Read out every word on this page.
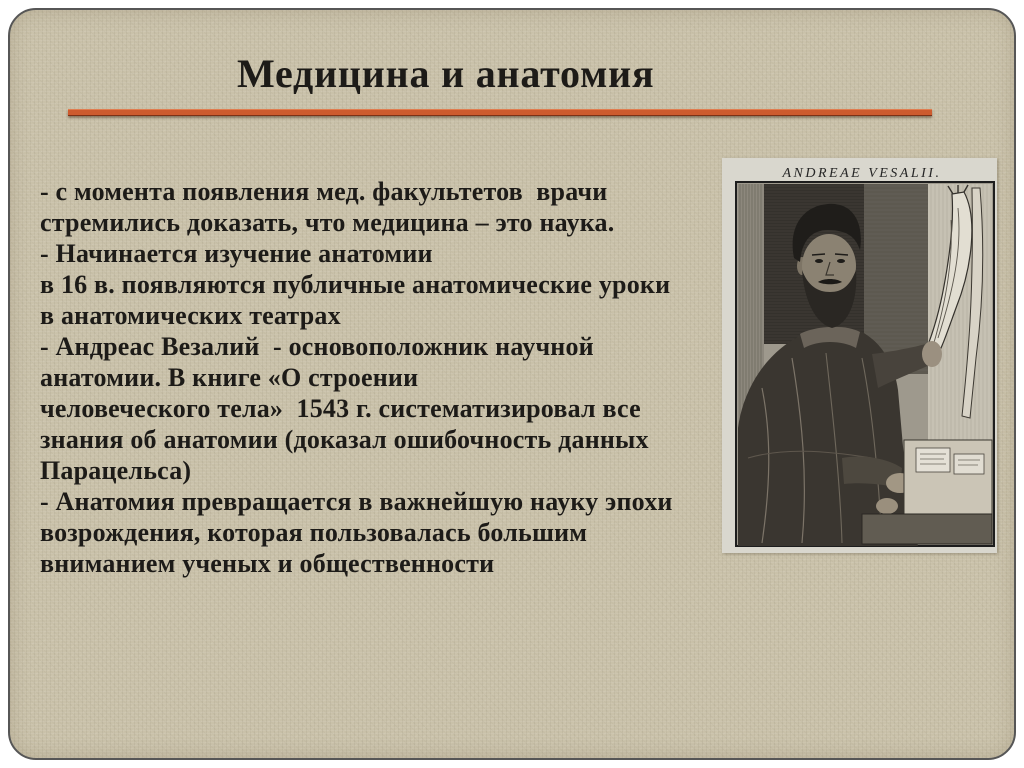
Медицина и анатомия
- с момента появления мед. факультетов  врачи
стремились доказать, что медицина – это наука.
- Начинается изучение анатомии
в 16 в. появляются публичные анатомические уроки
в анатомических театрах
- Андреас Везалий  - основоположник научной
анатомии. В книге «О строении
человеческого тела»  1543 г. систематизировал все
знания об анатомии (доказал ошибочность данных
Парацельса)
- Анатомия превращается в важнейшую науку эпохи
возрождения, которая пользовалась большим
вниманием ученых и общественности
ANDREAE VESALII.
